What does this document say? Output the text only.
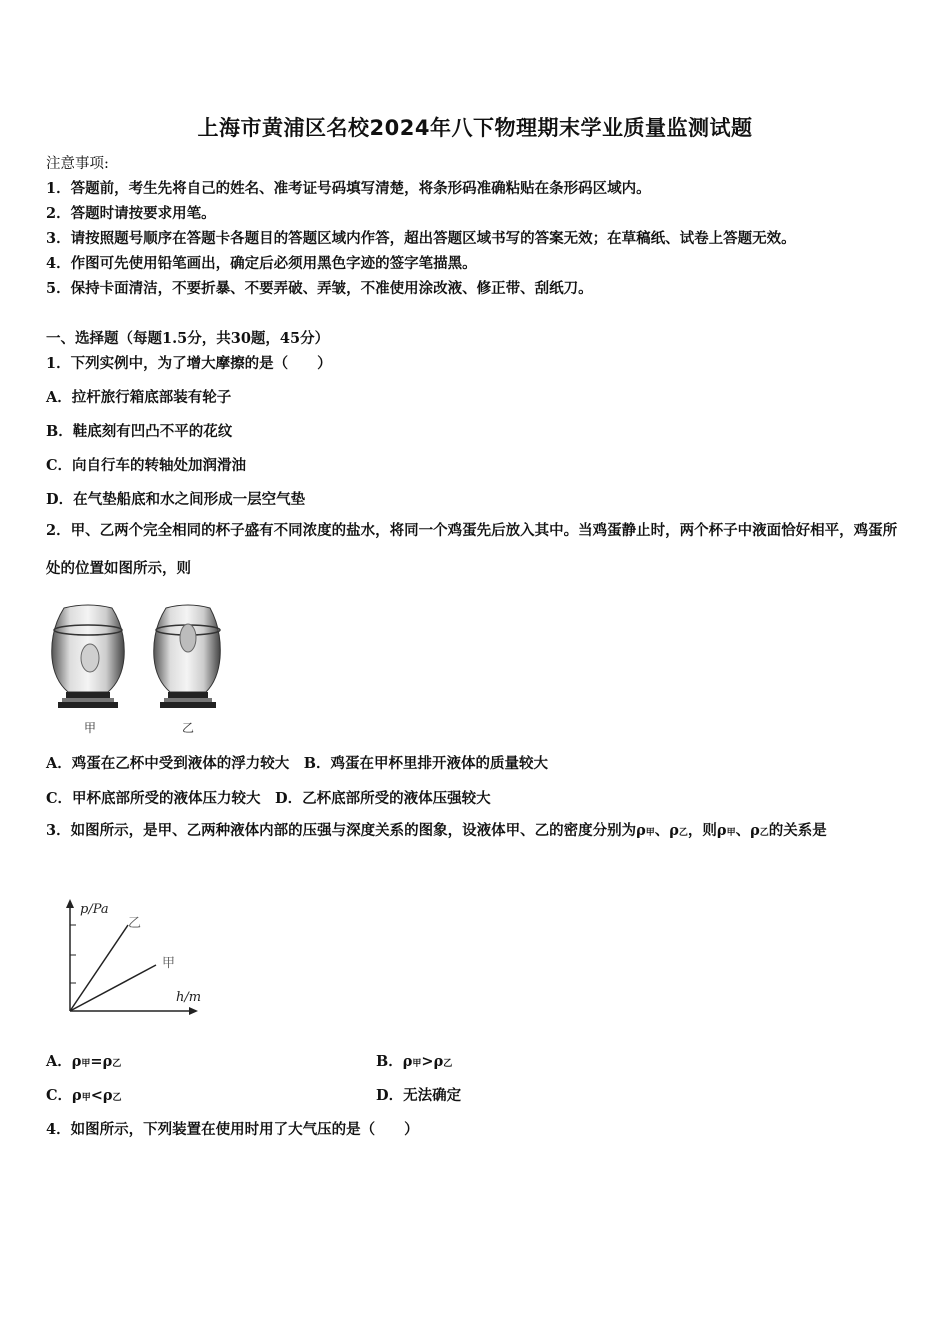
上海市黄浦区名校2024年八下物理期末学业质量监测试题
注意事项:
1．答题前，考生先将自己的姓名、准考证号码填写清楚，将条形码准确粘贴在条形码区域内。
2．答题时请按要求用笔。
3．请按照题号顺序在答题卡各题目的答题区域内作答，超出答题区域书写的答案无效；在草稿纸、试卷上答题无效。
4．作图可先使用铅笔画出，确定后必须用黑色字迹的签字笔描黑。
5．保持卡面清洁，不要折暴、不要弄破、弄皱，不准使用涂改液、修正带、刮纸刀。
一、选择题（每题1.5分，共30题，45分）
1．下列实例中，为了增大摩擦的是（　　）
A．拉杆旅行箱底部装有轮子
B．鞋底刻有凹凸不平的花纹
C．向自行车的转轴处加润滑油
D．在气垫船底和水之间形成一层空气垫
2．甲、乙两个完全相同的杯子盛有不同浓度的盐水，将同一个鸡蛋先后放入其中。当鸡蛋静止时，两个杯子中液面恰好相平，鸡蛋所处的位置如图所示，则
甲	乙
A．鸡蛋在乙杯中受到液体的浮力较大　B．鸡蛋在甲杯里排开液体的质量较大
C．甲杯底部所受的液体压力较大　D．乙杯底部所受的液体压强较大
3．如图所示，是甲、乙两种液体内部的压强与深度关系的图象，设液体甲、乙的密度分别为ρ甲、ρ乙，则ρ甲、ρ乙的关系是
p/Pa
h/m
乙
甲
A．ρ甲=ρ乙	B．ρ甲>ρ乙
C．ρ甲<ρ乙	D．无法确定
4．如图所示，下列装置在使用时用了大气压的是（　　）
